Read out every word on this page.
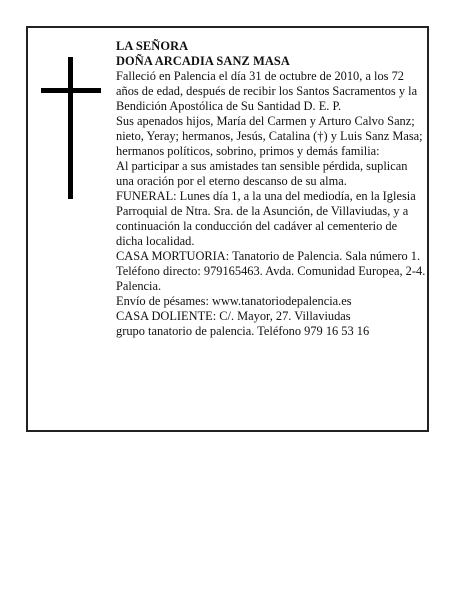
LA SEÑORA
DOÑA ARCADIA SANZ MASA

Falleció en Palencia el día 31 de octubre de 2010, a los 72 años de edad, después de recibir los Santos Sacramentos y la Bendición Apostólica de Su Santidad D. E. P.

Sus apenados hijos, María del Carmen y Arturo Calvo Sanz; nieto, Yeray; hermanos, Jesús, Catalina (†) y Luis Sanz Masa; hermanos políticos, sobrino, primos y demás familia:

Al participar a sus amistades tan sensible pérdida, suplican una oración por el eterno descanso de su alma.

FUNERAL: Lunes día 1, a la una del mediodía, en la Iglesia Parroquial de Ntra. Sra. de la Asunción, de Villaviudas, y a continuación la conducción del cadáver al cementerio de dicha localidad.

CASA MORTUORIA: Tanatorio de Palencia. Sala número 1. Teléfono directo: 979165463. Avda. Comunidad Europea, 2-4. Palencia.

Envío de pésames: www.tanatoriodepalencia.es

CASA DOLIENTE: C/. Mayor, 27. Villaviudas

grupo tanatorio de palencia. Teléfono 979 16 53 16
